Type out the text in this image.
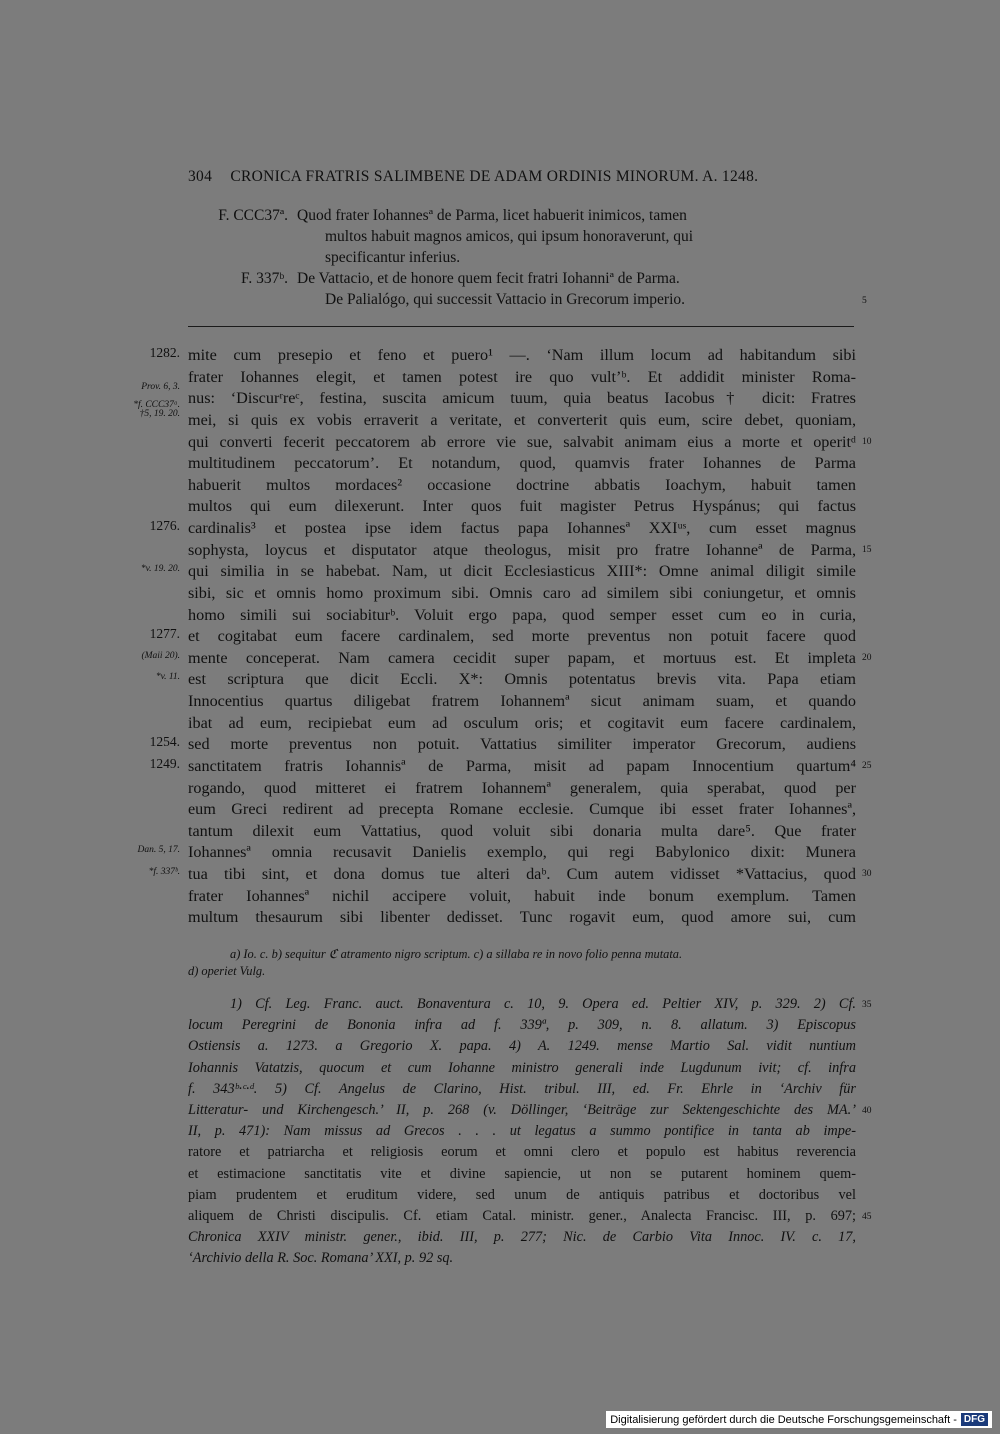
304 CRONICA FRATRIS SALIMBENE DE ADAM ORDINIS MINORUM. A. 1248.
F. CCC37ª. Quod frater Iohannesª de Parma, licet habuerit inimicos, tamen
multos habuit magnos amicos, qui ipsum honoraverunt, qui
specificantur inferius.
F. 337ᵇ. De Vattacio, et de honore quem fecit fratri Iohanniª de Parma.
De Palialógo, qui successit Vattacio in Grecorum imperio.	5
mite cum presepio et feno et puero¹ —. ‘Nam illum locum ad habitandum sibi
frater Iohannes elegit, et tamen potest ire quo vult’ᵇ. Et addidit minister Roma-
nus: ‘Discurʳreᶜ, festina, suscita amicum tuum, quia beatus Iacobus† dicit: Fratres
mei, si quis ex vobis erraverit a veritate, et converterit quis eum, scire debet, quoniam,
qui converti fecerit peccatorem ab errore vie sue, salvabit animam eius a morte et operitᵈ
multitudinem peccatorum’. Et notandum, quod, quamvis frater Iohannes de Parma
habuerit multos mordaces² occasione doctrine abbatis Ioachym, habuit tamen
multos qui eum dilexerunt. Inter quos fuit magister Petrus Hyspánus; qui factus
cardinalis³ et postea ipse idem factus papa Iohannesª XXIᵘˢ, cum esset magnus
sophysta, loycus et disputator atque theologus, misit pro fratre Iohanneª de Parma,
qui similia in se habebat. Nam, ut dicit Ecclesiasticus XIII*: Omne animal diligit simile
sibi, sic et omnis homo proximum sibi. Omnis caro ad similem sibi coniungetur, et omnis
homo simili sui sociabiturᵇ. Voluit ergo papa, quod semper esset cum eo in curia,
et cogitabat eum facere cardinalem, sed morte preventus non potuit facere quod
mente conceperat. Nam camera cecidit super papam, et mortuus est. Et impleta
est scriptura que dicit Eccli. X*: Omnis potentatus brevis vita. Papa etiam
Innocentius quartus diligebat fratrem Iohannemª sicut animam suam, et quando
ibat ad eum, recipiebat eum ad osculum oris; et cogitavit eum facere cardinalem,
sed morte preventus non potuit. Vattatius similiter imperator Grecorum, audiens
sanctitatem fratris Iohannisª de Parma, misit ad papam Innocentium quartum⁴
rogando, quod mitteret ei fratrem Iohannemª generalem, quia sperabat, quod per
eum Greci redirent ad precepta Romane ecclesie. Cumque ibi esset frater Iohannesª,
tantum dilexit eum Vattatius, quod voluit sibi donaria multa dare⁵. Que frater
Iohannesª omnia recusavit Danielis exemplo, qui regi Babylonico dixit: Munera
tua tibi sint, et dona domus tue alteri daᵇ. Cum autem vidisset *Vattacius, quod
frater Iohannesª nichil accipere voluit, habuit inde bonum exemplum. Tamen
multum thesaurum sibi libenter dedisset. Tunc rogavit eum, quod amore sui, cum
1282.
Prov. 6, 3.
*f. CCC37ᵃ.
†5, 19. 20.
1276.
*v. 19. 20.
1277.
(Maii 20).
*v. 11.
1254.
1249.
Dan. 5, 17.
*f. 337ᵇ.
10
15
20
25
30
a) Io. c. b) sequitur ℭ atramento nigro scriptum. c) a sillaba re in novo folio penna mutata.
d) operiet Vulg.
1) Cf. Leg. Franc. auct. Bonaventura c. 10, 9. Opera ed. Peltier XIV, p. 329. 2) Cf.
locum Peregrini de Bononia infra ad f. 339ª, p. 309, n. 8. allatum. 3) Episcopus
Ostiensis a. 1273. a Gregorio X. papa. 4) A. 1249. mense Martio Sal. vidit nuntium
Iohannis Vatatzis, quocum et cum Iohanne ministro generali inde Lugdunum ivit; cf. infra
f. 343ᵇ·ᶜ·ᵈ. 5) Cf. Angelus de Clarino, Hist. tribul. III, ed. Fr. Ehrle in ‘Archiv für
Litteratur- und Kirchengesch.’ II, p. 268 (v. Döllinger, ‘Beiträge zur Sektengeschichte des MA.’
II, p. 471): Nam missus ad Grecos . . . ut legatus a summo pontifice in tanta ab impe-
ratore et patriarcha et religiosis eorum et omni clero et populo est habitus reverencia
et estimacione sanctitatis vite et divine sapiencie, ut non se putarent hominem quem-
piam prudentem et eruditum videre, sed unum de antiquis patribus et doctoribus vel
aliquem de Christi discipulis. Cf. etiam Catal. ministr. gener., Analecta Francisc. III, p. 697;
Chronica XXIV ministr. gener., ibid. III, p. 277; Nic. de Carbio Vita Innoc. IV. c. 17,
‘Archivio della R. Soc. Romana’ XXI, p. 92 sq.
35
40
45
Digitalisierung gefördert durch die Deutsche Forschungsgemeinschaft - DFG
